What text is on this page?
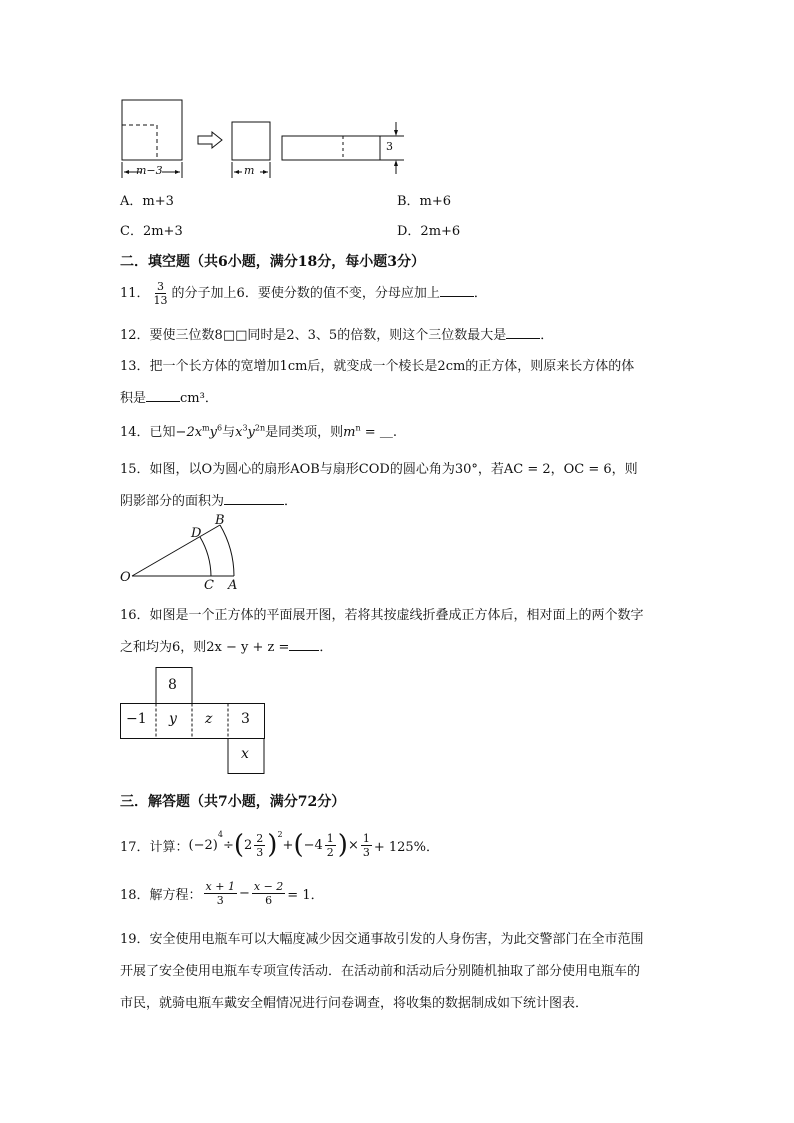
m−3	m
3
A．m+3	B．m+6
C．2m+3	D．2m+6
二．填空题（共6小题，满分18分，每小题3分）
11． $\frac{3}{13}$ 的分子加上6．要使分数的值不变，分母应加上	．
12．要使三位数8□□同时是2、3、5的倍数，则这个三位数最大是	．
13．把一个长方体的宽增加1cm后，就变成一个棱长是2cm的正方体，则原来长方体的体
积是	cm³．
14．已知$-2x^my^6$与$x^3y^{2n}$是同类项，则$m^n$ = ＿.
15．如图，以O为圆心的扇形AOB与扇形COD的圆心角为30°，若AC = 2，OC = 6，则
阴影部分的面积为	．
O
C A
D
B
16．如图是一个正方体的平面展开图，若将其按虚线折叠成正方体后，相对面上的两个数字
之和均为6，则2x − y + z = ．
8
−1 y z 3
x
三．解答题（共7小题，满分72分）
17．计算： (−2)
$^4$
÷ ( $2 \frac{2}{3} )^2$
+ ( $-4 \frac{1}{2}$ ) × $\frac{1}{3} + 125\%$．
18．解方程： $\frac{x + 1}{3} - \frac{x - 2}{6} = 1$．
19．安全使用电瓶车可以大幅度减少因交通事故引发的人身伤害，为此交警部门在全市范围
开展了安全使用电瓶车专项宣传活动．在活动前和活动后分别随机抽取了部分使用电瓶车的
市民，就骑电瓶车戴安全帽情况进行问卷调查，将收集的数据制成如下统计图表．
